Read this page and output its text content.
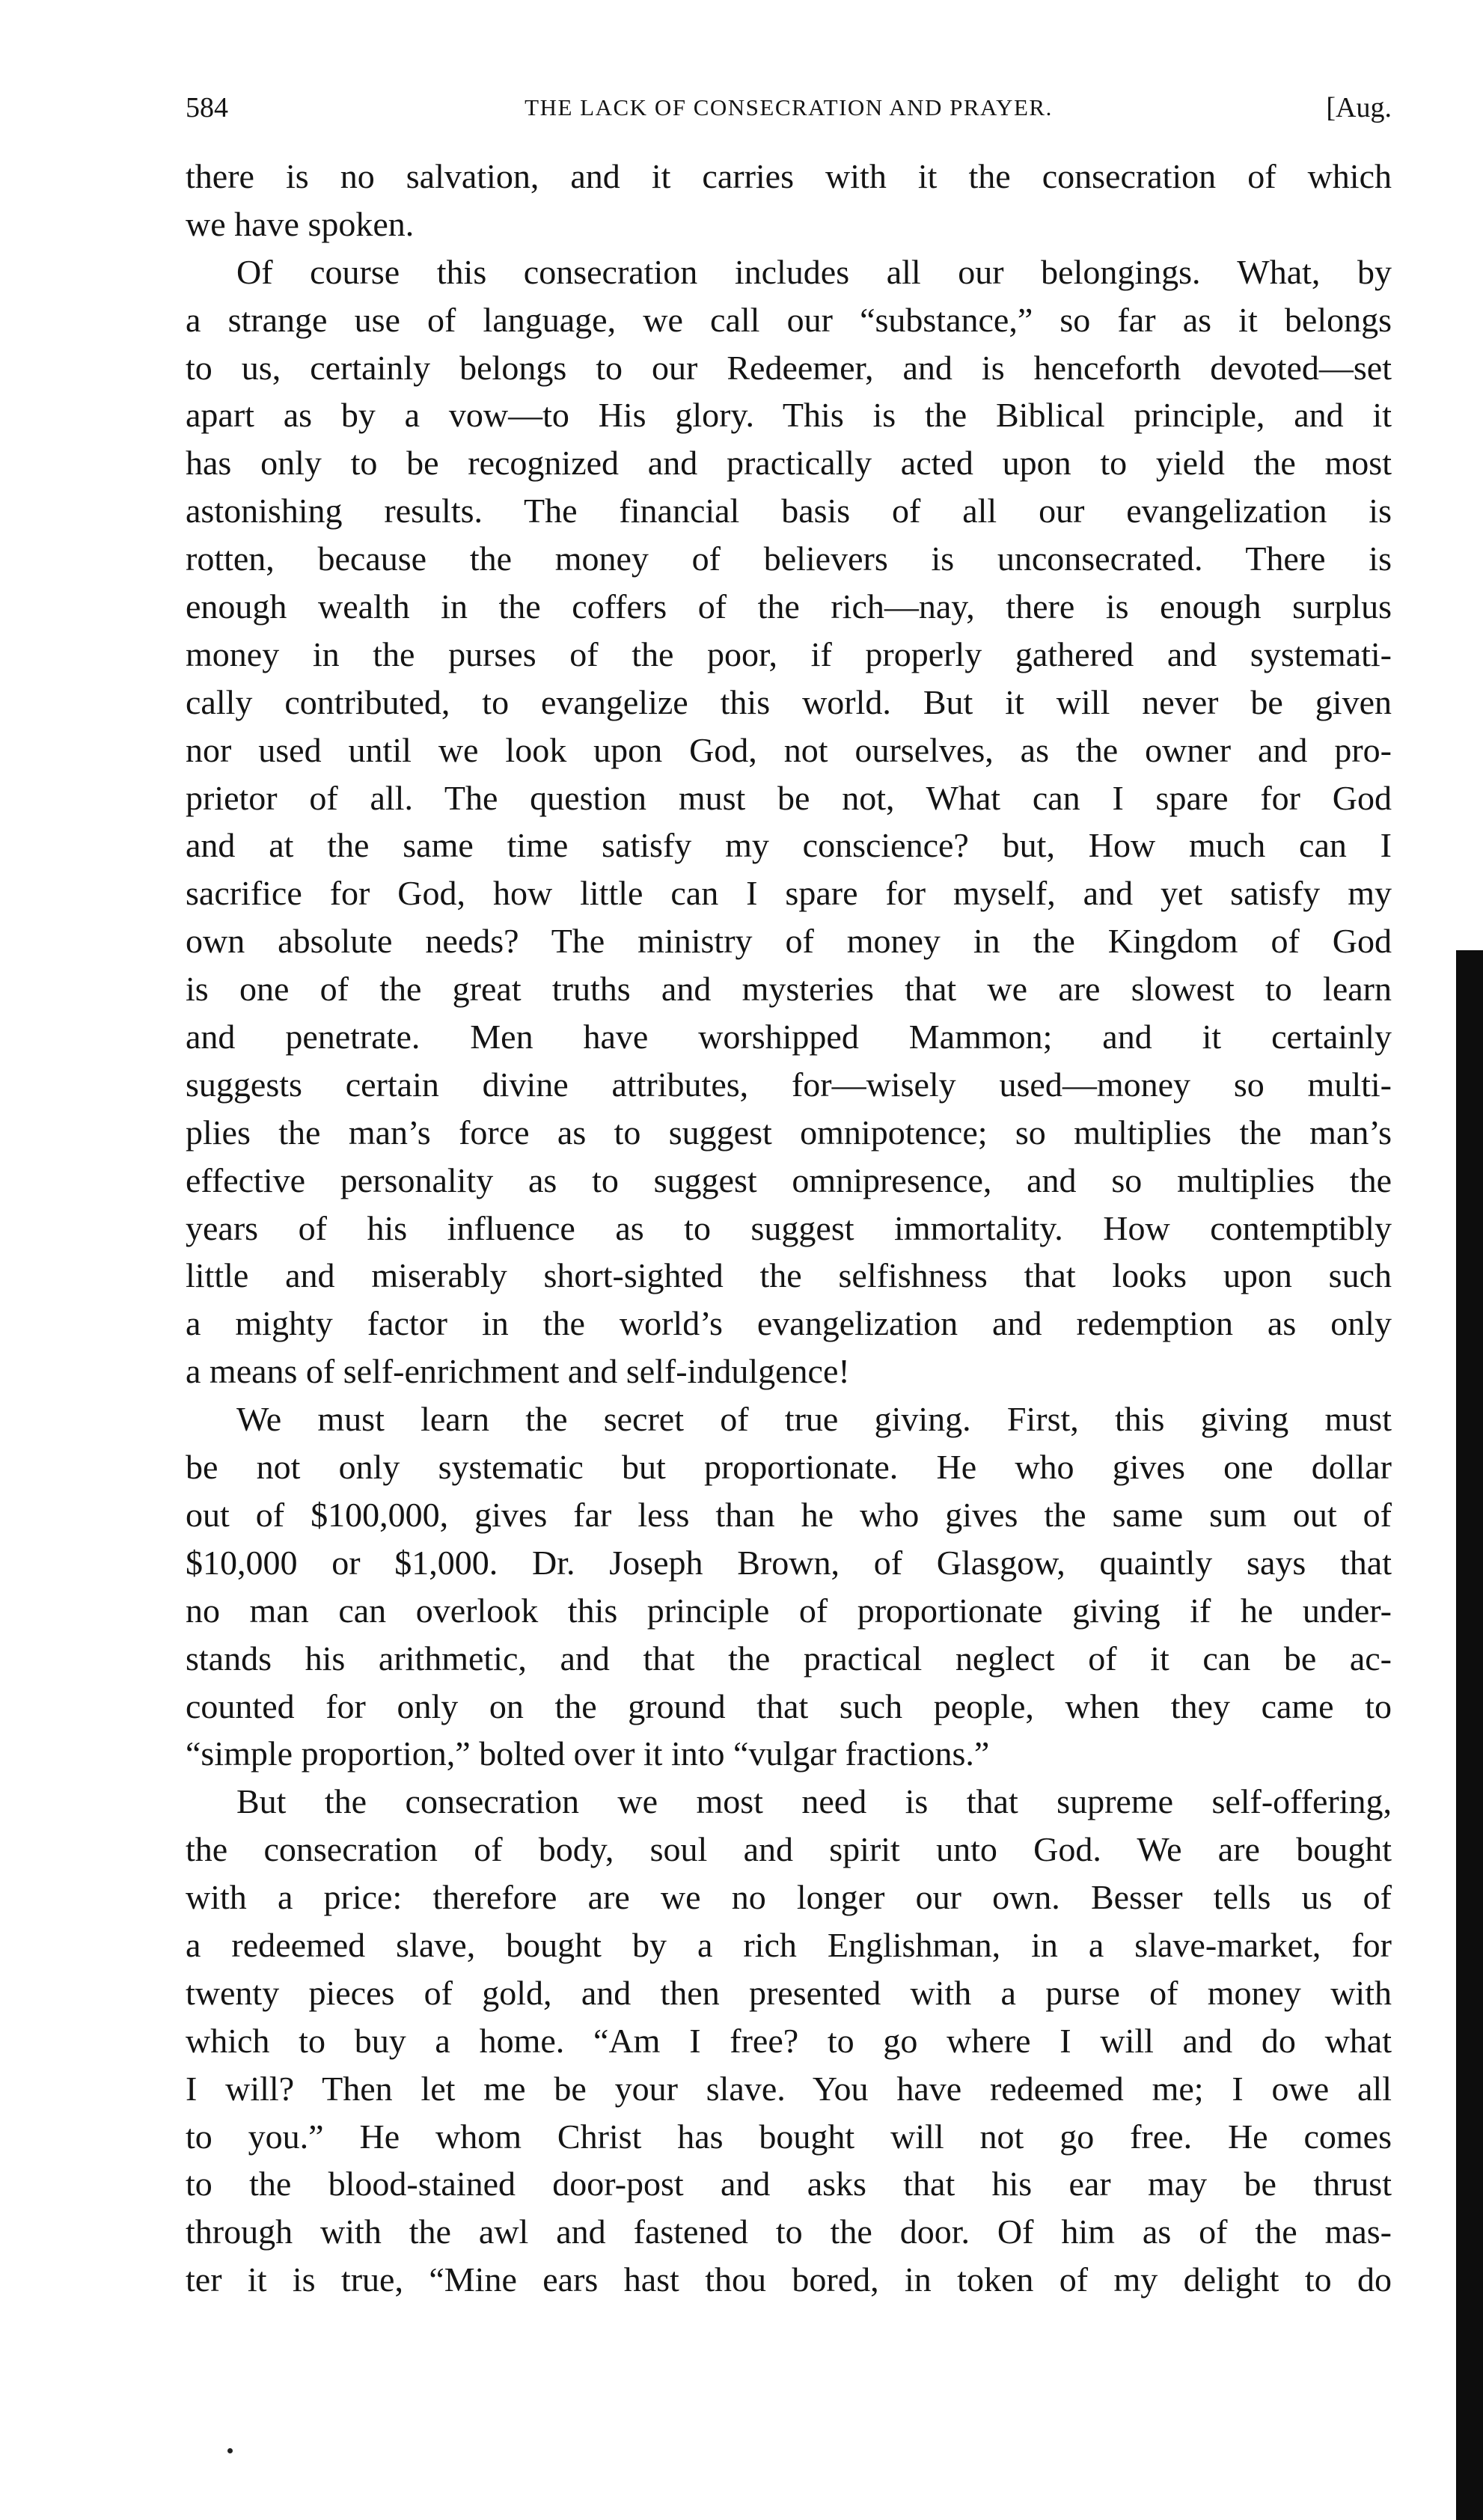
584	THE LACK OF CONSECRATION AND PRAYER.	[Aug.
there is no salvation, and it carries with it the consecration of which
we have spoken.
Of course this consecration includes all our belongings. What, by
a strange use of language, we call our “substance,” so far as it belongs
to us, certainly belongs to our Redeemer, and is henceforth devoted—set
apart as by a vow—to His glory. This is the Biblical principle, and it
has only to be recognized and practically acted upon to yield the most
astonishing results. The financial basis of all our evangelization is
rotten, because the money of believers is unconsecrated. There is
enough wealth in the coffers of the rich—nay, there is enough surplus
money in the purses of the poor, if properly gathered and systemati-
cally contributed, to evangelize this world. But it will never be given
nor used until we look upon God, not ourselves, as the owner and pro-
prietor of all. The question must be not, What can I spare for God
and at the same time satisfy my conscience? but, How much can I
sacrifice for God, how little can I spare for myself, and yet satisfy my
own absolute needs? The ministry of money in the Kingdom of God
is one of the great truths and mysteries that we are slowest to learn
and penetrate. Men have worshipped Mammon; and it certainly
suggests certain divine attributes, for—wisely used—money so multi-
plies the man’s force as to suggest omnipotence; so multiplies the man’s
effective personality as to suggest omnipresence, and so multiplies the
years of his influence as to suggest immortality. How contemptibly
little and miserably short-sighted the selfishness that looks upon such
a mighty factor in the world’s evangelization and redemption as only
a means of self-enrichment and self-indulgence!
We must learn the secret of true giving. First, this giving must
be not only systematic but proportionate. He who gives one dollar
out of $100,000, gives far less than he who gives the same sum out of
$10,000 or $1,000. Dr. Joseph Brown, of Glasgow, quaintly says that
no man can overlook this principle of proportionate giving if he under-
stands his arithmetic, and that the practical neglect of it can be ac-
counted for only on the ground that such people, when they came to
“simple proportion,” bolted over it into “vulgar fractions.”
But the consecration we most need is that supreme self-offering,
the consecration of body, soul and spirit unto God. We are bought
with a price: therefore are we no longer our own. Besser tells us of
a redeemed slave, bought by a rich Englishman, in a slave-market, for
twenty pieces of gold, and then presented with a purse of money with
which to buy a home. “Am I free? to go where I will and do what
I will? Then let me be your slave. You have redeemed me; I owe all
to you.” He whom Christ has bought will not go free. He comes
to the blood-stained door-post and asks that his ear may be thrust
through with the awl and fastened to the door. Of him as of the mas-
ter it is true, “Mine ears hast thou bored, in token of my delight to do
